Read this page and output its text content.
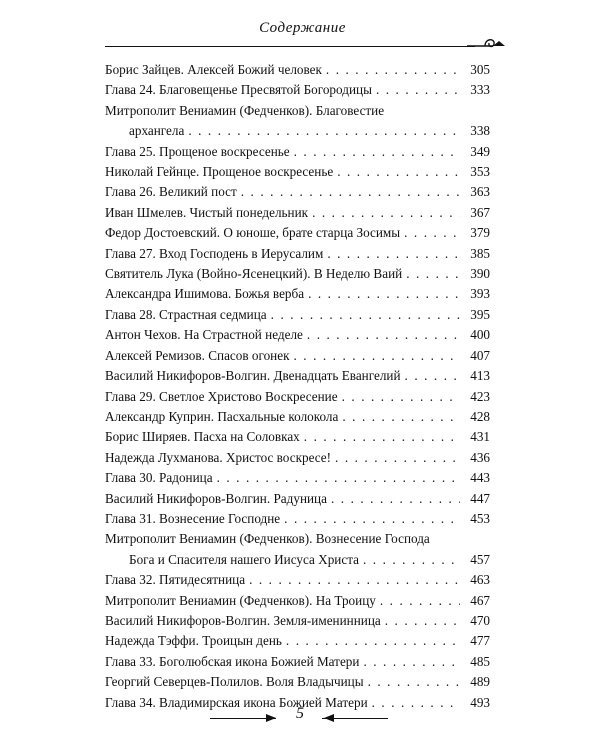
Содержание
Борис Зайцев. Алексей Божий человек . . .	305
Глава 24. Благовещенье Пресвятой Богородицы . . .	333
Митрополит Вениамин (Федченков). Благовестие
архангела . . .	338
Глава 25. Прощеное воскресенье . . .	349
Николай Гейнце. Прощеное воскресенье . . .	353
Глава 26. Великий пост . . .	363
Иван Шмелев. Чистый понедельник . . .	367
Федор Достоевский. О юноше, брате старца Зосимы . . .	379
Глава 27. Вход Господень в Иерусалим . . .	385
Святитель Лука (Войно-Ясенецкий). В Неделю Ваий . . .	390
Александра Ишимова. Божья верба . . .	393
Глава 28. Страстная седмица . . .	395
Антон Чехов. На Страстной неделе . . .	400
Алексей Ремизов. Спасов огонек . . .	407
Василий Никифоров-Волгин. Двенадцать Евангелий . . .	413
Глава 29. Светлое Христово Воскресение . . .	423
Александр Куприн. Пасхальные колокола . . .	428
Борис Ширяев. Пасха на Соловках . . .	431
Надежда Лухманова. Христос воскресе! . . .	436
Глава 30. Радоница . . .	443
Василий Никифоров-Волгин. Радуница . . .	447
Глава 31. Вознесение Господне . . .	453
Митрополит Вениамин (Федченков). Вознесение Господа
Бога и Спасителя нашего Иисуса Христа . . .	457
Глава 32. Пятидесятница . . .	463
Митрополит Вениамин (Федченков). На Троицу . . .	467
Василий Никифоров-Волгин. Земля-именинница . . .	470
Надежда Тэффи. Троицын день . . .	477
Глава 33. Боголюбская икона Божией Матери . . .	485
Георгий Северцев-Полилов. Воля Владычицы . . .	489
Глава 34. Владимирская икона Божией Матери . . .	493
5
